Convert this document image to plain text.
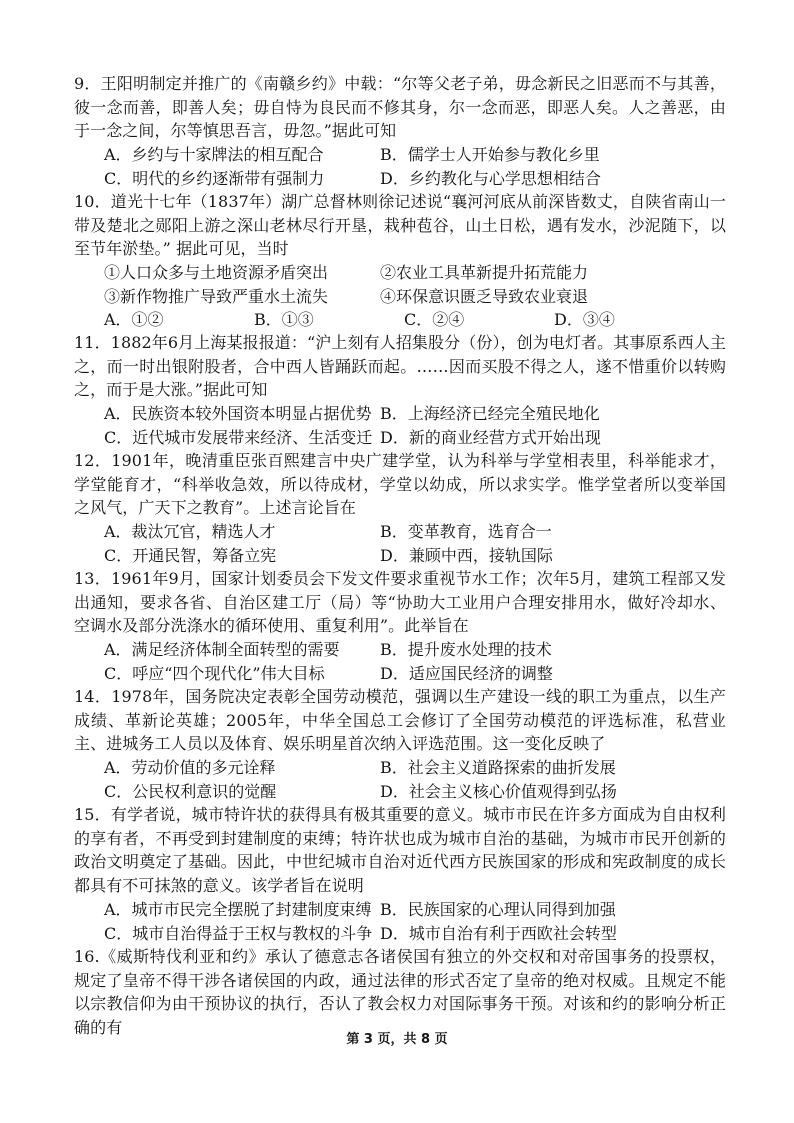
9．王阳明制定并推广的《南赣乡约》中载：“尔等父老子弟，毋念新民之旧恶而不与其善，彼一念而善，即善人矣；毋自恃为良民而不修其身，尔一念而恶，即恶人矣。人之善恶，由于一念之间，尔等慎思吾言，毋忽。”据此可知
A．乡约与十家牌法的相互配合	B．儒学士人开始参与教化乡里
C．明代的乡约逐渐带有强制力	D．乡约教化与心学思想相结合
10．道光十七年（1837年）湖广总督林则徐记述说“襄河河底从前深皆数丈，自陕省南山一带及楚北之郧阳上游之深山老林尽行开垦，栽种苞谷，山土日松，遇有发水，沙泥随下，以至节年淤垫。” 据此可见，当时
①人口众多与土地资源矛盾突出	②农业工具革新提升拓荒能力
③新作物推广导致严重水土流失	④环保意识匮乏导致农业衰退
A．①②	B．①③	C．②④	D．③④
11．1882年6月上海某报报道：“沪上刻有人招集股分（份），创为电灯者。其事原系西人主之，而一时出银附股者，合中西人皆踊跃而起。……因而买股不得之人，遂不惜重价以转购之，而于是大涨。”据此可知
A．民族资本较外国资本明显占据优势 B．上海经济已经完全殖民地化
C．近代城市发展带来经济、生活变迁 D．新的商业经营方式开始出现
12．1901年，晚清重臣张百熙建言中央广建学堂，认为科举与学堂相表里，科举能求才，学堂能育才，“科举收急效，所以待成材，学堂以幼成，所以求实学。惟学堂者所以变举国之风气，广天下之教育”。上述言论旨在
A．裁汰冗官，精选人才	B．变革教育，选育合一
C．开通民智，筹备立宪	D．兼顾中西，接轨国际
13．1961年9月，国家计划委员会下发文件要求重视节水工作；次年5月，建筑工程部又发出通知，要求各省、自治区建工厅（局）等“协助大工业用户合理安排用水，做好冷却水、空调水及部分洗涤水的循环使用、重复利用”。此举旨在
A．满足经济体制全面转型的需要	B．提升废水处理的技术
C．呼应“四个现代化”伟大目标	D．适应国民经济的调整
14．1978年，国务院决定表彰全国劳动模范，强调以生产建设一线的职工为重点，以生产成绩、革新论英雄；2005年，中华全国总工会修订了全国劳动模范的评选标准，私营业主、进城务工人员以及体育、娱乐明星首次纳入评选范围。这一变化反映了
A．劳动价值的多元诠释	B．社会主义道路探索的曲折发展
C．公民权利意识的觉醒	D．社会主义核心价值观得到弘扬
15．有学者说，城市特许状的获得具有极其重要的意义。城市市民在许多方面成为自由权利的享有者，不再受到封建制度的束缚；特许状也成为城市自治的基础，为城市市民开创新的政治文明奠定了基础。因此，中世纪城市自治对近代西方民族国家的形成和宪政制度的成长都具有不可抹煞的意义。该学者旨在说明
A．城市市民完全摆脱了封建制度束缚 B．民族国家的心理认同得到加强
C．城市自治得益于王权与教权的斗争 D．城市自治有利于西欧社会转型
16.《威斯特伐利亚和约》承认了德意志各诸侯国有独立的外交权和对帝国事务的投票权，规定了皇帝不得干涉各诸侯国的内政，通过法律的形式否定了皇帝的绝对权威。且规定不能以宗教信仰为由干预协议的执行，否认了教会权力对国际事务干预。对该和约的影响分析正确的有
第 3 页，共 8 页
